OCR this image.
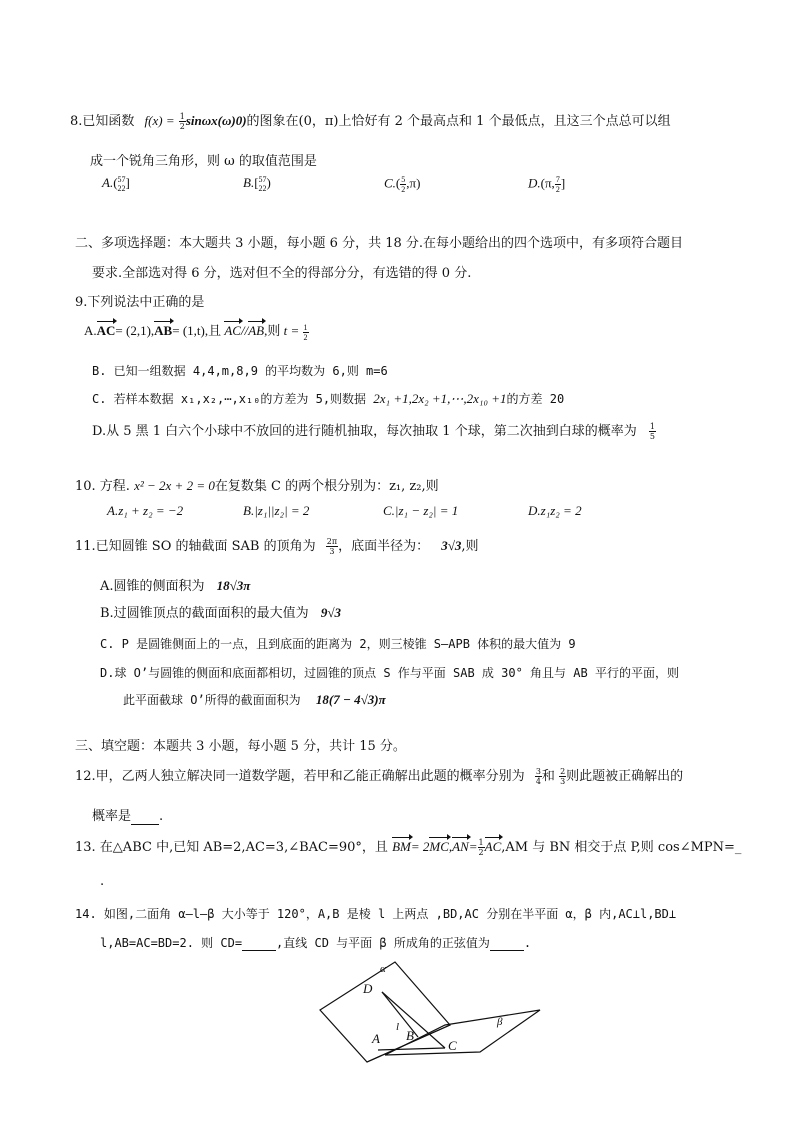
8.已知函数 $f(x) = \frac{1}{2} \sin\omega x(\omega)0$)的图象在(0，π)上恰好有 2 个最高点和 1 个最低点，且这三个点总可以组
成一个锐角三角形，则 ω 的取值范围是
A.( 5
2
7
2 ]	B.[ 5
2
7
2 )	$C.( \frac{5}{2} ,\pi)$	D.(π, $\frac{7}{2}$ ]
二、多项选择题：本大题共 3 小题，每小题 6 分，共 18 分.在每小题给出的四个选项中，有多项符合题目
要求.全部选对得 6 分，选对但不全的得部分分，有选错的得 0 分.
9.下列说法中正确的是
A.AC= (2,1),AB= (1,t),且 AC//AB,则 $t = \frac{1}{2}$
B. 已知一组数据 4,4,m,8,9 的平均数为 6,则 m=6
C. 若样本数据 x₁,x₂,⋯,x₁₀的方差为 5,则数据 2x₁ +1,2x₂ +1,⋯,2x₁₀ +1的方差 20
D.从 5 黑 1 白六个小球中不放回的进行随机抽取，每次抽取 1 个球，第二次抽到白球的概率为 $\frac{1}{5}$
10. 方程. x² − 2x + 2 = 0在复数集 C 的两个根分别为：z₁, z₂,则
A.z₁ + z₂ = −2	B.|z₁||z₂| = 2	C.|z₁ − z₂| = 1	D.z₁z₂ = 2
11.已知圆锥 SO 的轴截面 SAB 的顶角为 $\frac{2\pi}{3}$ ，底面半径为： 3√3,则
A.圆锥的侧面积为 18√3π
B.过圆锥顶点的截面面积的最大值为 9√3
C. P 是圆锥侧面上的一点，且到底面的距离为 2，则三棱锥 S—APB 体积的最大值为 9
D.球 O’与圆锥的侧面和底面都相切，过圆锥的顶点 S 作与平面 SAB 成 30° 角且与 AB 平行的平面，则
此平面截球 O’所得的截面面积为 18(7 − 4√3)π
三、填空题：本题共 3 小题，每小题 5 分，共计 15 分。
12.甲，乙两人独立解决同一道数学题，若甲和乙能正确解出此题的概率分别为 $\frac{3}{4}$ 和 $\frac{2}{3}$ 则此题被正确解出的
概率是 .
13. 在△ABC 中,已知 AB=2,AC=3,∠BAC=90°，且 $BM= 2MC,AN= \frac{1}{2} AC,AM$ 与 BN 相交于点 P,则 cos∠MPN=_
.
14. 如图,二面角 α—l—β 大小等于 120°，A,B 是棱 l 上两点 ,BD,AC 分别在半平面 α，β 内,AC⊥l,BD⊥
l,AB=AC=BD=2. 则 CD=	,直线 CD 与平面 β 所成角的正弦值为	.
α
β
D
l
A B
C
